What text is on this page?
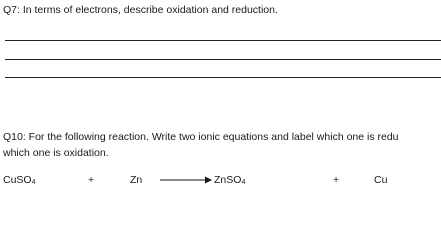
Q7: In terms of electrons, describe oxidation and reduction.
Q10: For the following reaction. Write two ionic equations and label which one is redu
which one is oxidation.
CuSO$_4$	+	Zn	ZnSO$_4$	+	Cu
